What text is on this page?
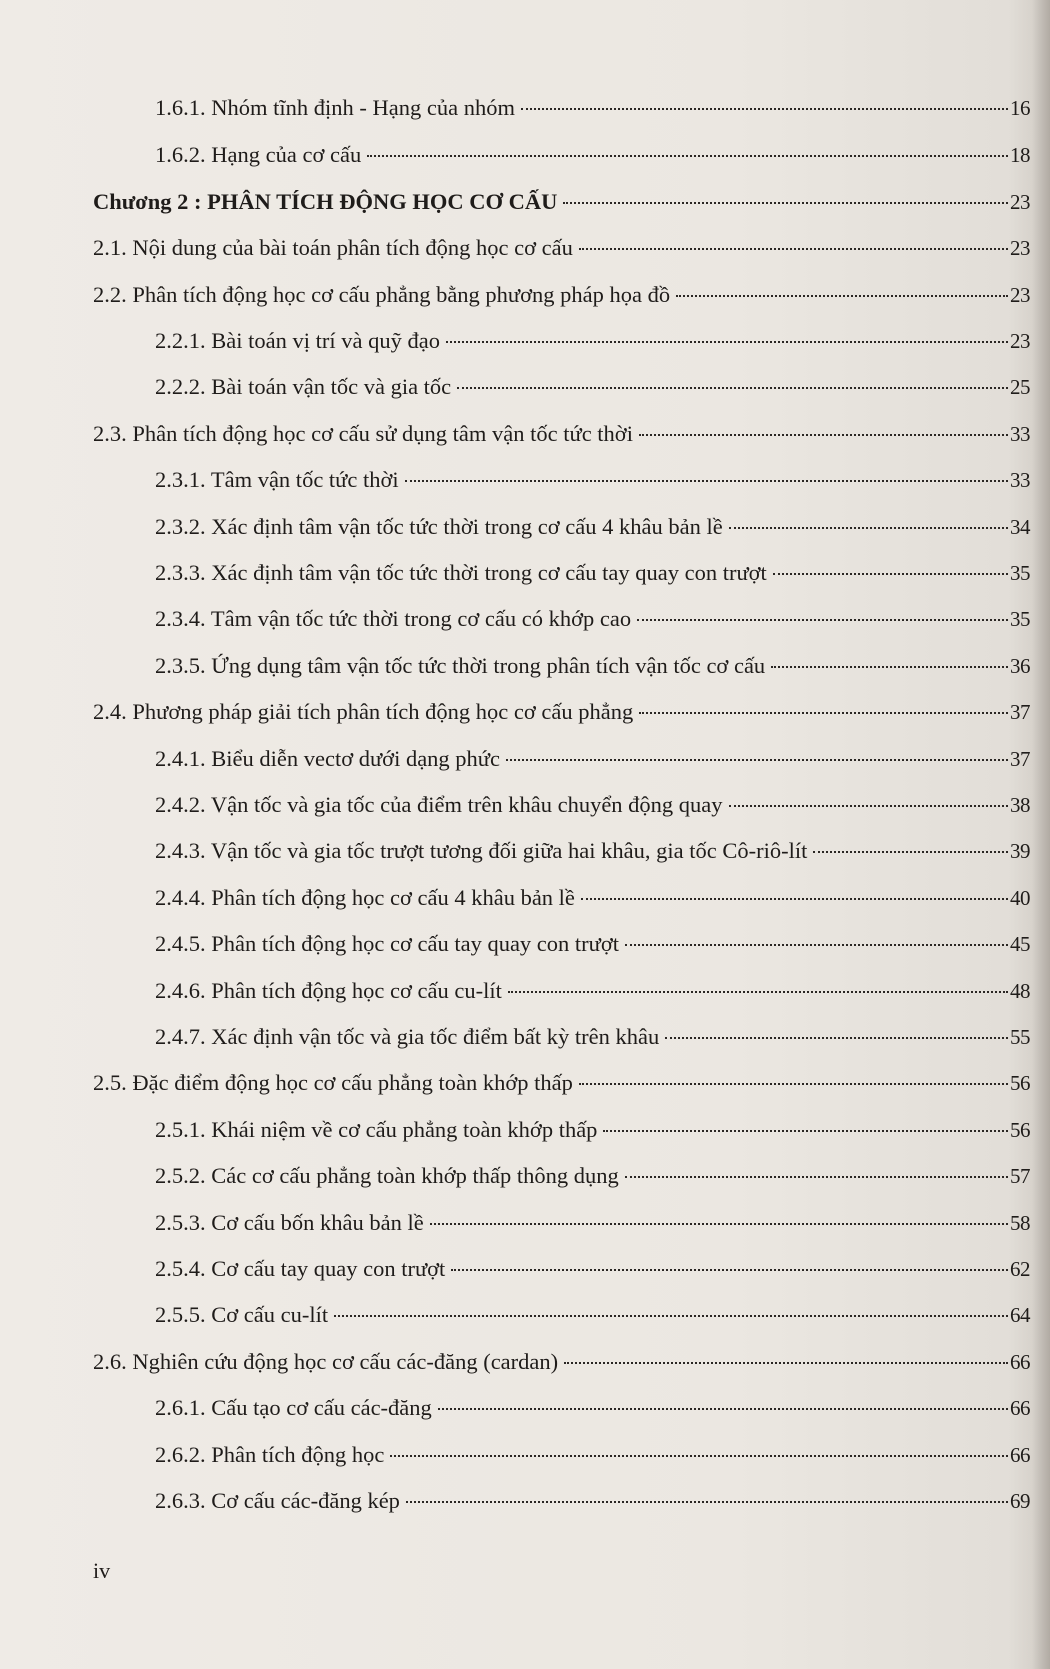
1.6.1. Nhóm tĩnh định - Hạng của nhóm	16
1.6.2. Hạng của cơ cấu	18
Chương 2 : PHÂN TÍCH ĐỘNG HỌC CƠ CẤU	23
2.1. Nội dung của bài toán phân tích động học cơ cấu	23
2.2. Phân tích động học cơ cấu phẳng bằng phương pháp họa đồ	23
2.2.1. Bài toán vị trí và quỹ đạo	23
2.2.2. Bài toán vận tốc và gia tốc	25
2.3. Phân tích động học cơ cấu sử dụng tâm vận tốc tức thời	33
2.3.1. Tâm vận tốc tức thời	33
2.3.2. Xác định tâm vận tốc tức thời trong cơ cấu 4 khâu bản lề	34
2.3.3. Xác định tâm vận tốc tức thời trong cơ cấu tay quay con trượt	35
2.3.4. Tâm vận tốc tức thời trong cơ cấu có khớp cao	35
2.3.5. Ứng dụng tâm vận tốc tức thời trong phân tích vận tốc cơ cấu	36
2.4. Phương pháp giải tích phân tích động học cơ cấu phẳng	37
2.4.1. Biểu diễn vectơ dưới dạng phức	37
2.4.2. Vận tốc và gia tốc của điểm trên khâu chuyển động quay	38
2.4.3. Vận tốc và gia tốc trượt tương đối giữa hai khâu, gia tốc Cô-riô-lít	39
2.4.4. Phân tích động học cơ cấu 4 khâu bản lề	40
2.4.5. Phân tích động học cơ cấu tay quay con trượt	45
2.4.6. Phân tích động học cơ cấu cu-lít	48
2.4.7. Xác định vận tốc và gia tốc điểm bất kỳ trên khâu	55
2.5. Đặc điểm động học cơ cấu phẳng toàn khớp thấp	56
2.5.1. Khái niệm về cơ cấu phẳng toàn khớp thấp	56
2.5.2. Các cơ cấu phẳng toàn khớp thấp thông dụng	57
2.5.3. Cơ cấu bốn khâu bản lề	58
2.5.4. Cơ cấu tay quay con trượt	62
2.5.5. Cơ cấu cu-lít	64
2.6. Nghiên cứu động học cơ cấu các-đăng (cardan)	66
2.6.1. Cấu tạo cơ cấu các-đăng	66
2.6.2. Phân tích động học	66
2.6.3. Cơ cấu các-đăng kép	69
iv
